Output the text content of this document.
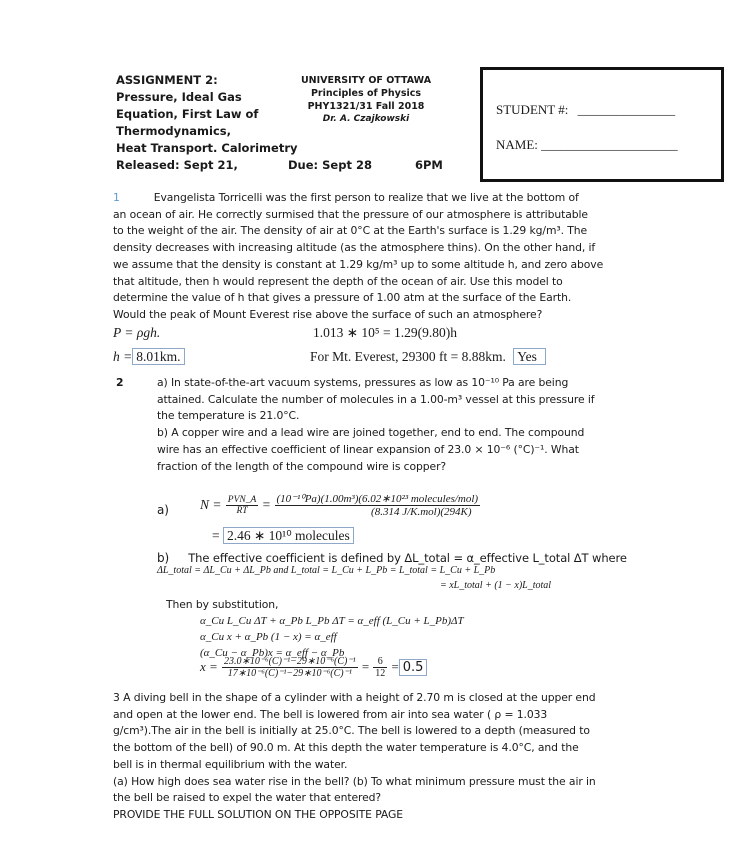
ASSIGNMENT 2:
Pressure, Ideal Gas
Equation, First Law of
Thermodynamics,
Heat Transport. Calorimetry
Released: Sept 21,	Due: Sept 28	6PM
UNIVERSITY OF OTTAWA
Principles of Physics
PHY1321/31 Fall 2018
Dr. A. Czajkowski
STUDENT #: _______________
NAME: _____________________
1	Evangelista Torricelli was the first person to realize that we live at the bottom of
an ocean of air. He correctly surmised that the pressure of our atmosphere is attributable
to the weight of the air. The density of air at 0°C at the Earth's surface is 1.29 kg/m³. The
density decreases with increasing altitude (as the atmosphere thins). On the other hand, if
we assume that the density is constant at 1.29 kg/m³ up to some altitude h, and zero above
that altitude, then h would represent the depth of the ocean of air. Use this model to
determine the value of h that gives a pressure of 1.00 atm at the surface of the Earth.
Would the peak of Mount Everest rise above the surface of such an atmosphere?
P = ρgh.	1.013 ∗ 10⁵ = 1.29(9.80)h
h = 8.01km.	For Mt. Everest, 29300 ft = 8.88km. Yes
2	a) In state-of-the-art vacuum systems, pressures as low as 10⁻¹⁰ Pa are being
attained. Calculate the number of molecules in a 1.00-m³ vessel at this pressure if
the temperature is 21.0°C.
b) A copper wire and a lead wire are joined together, end to end. The compound
wire has an effective coefficient of linear expansion of 23.0 × 10⁻⁶ (°C)⁻¹. What
fraction of the length of the compound wire is copper?
a) $N = \frac{\text{PVN\_A}}{RT} = \frac{\text{(10⁻¹⁰Pa)(1.00m³)(6.02∗10²³ molecules/mol)}}{\text{(8.314 J/K.mol)(294K)}}$
= 2.46 ∗ 10¹⁰ molecules
b) The effective coefficient is defined by ΔL_total = α_effective L_total ΔT where
ΔL_total = ΔL_Cu + ΔL_Pb and L_total = L_Cu + L_Pb = L_total = L_Cu + L_Pb
= xL_total + (1 − x)L_total
Then by substitution,
α_Cu L_Cu ΔT + α_Pb L_Pb ΔT = α_eff (L_Cu + L_Pb)ΔT
α_Cu x + α_Pb (1 − x) = α_eff
(α_Cu − α_Pb)x = α_eff − α_Pb
$x = \frac{\text{23.0∗10⁻⁶(C)⁻¹−29∗10⁻⁶(C)⁻¹}}{\text{17∗10⁻⁶(C)⁻¹−29∗10⁻⁶(C)⁻¹}} = \frac{6}{12} = 0.5$
3 A diving bell in the shape of a cylinder with a height of 2.70 m is closed at the upper end
and open at the lower end. The bell is lowered from air into sea water ( ρ = 1.033
g/cm³).The air in the bell is initially at 25.0°C. The bell is lowered to a depth (measured to
the bottom of the bell) of 90.0 m. At this depth the water temperature is 4.0°C, and the
bell is in thermal equilibrium with the water.
(a) How high does sea water rise in the bell? (b) To what minimum pressure must the air in
the bell be raised to expel the water that entered?
PROVIDE THE FULL SOLUTION ON THE OPPOSITE PAGE
